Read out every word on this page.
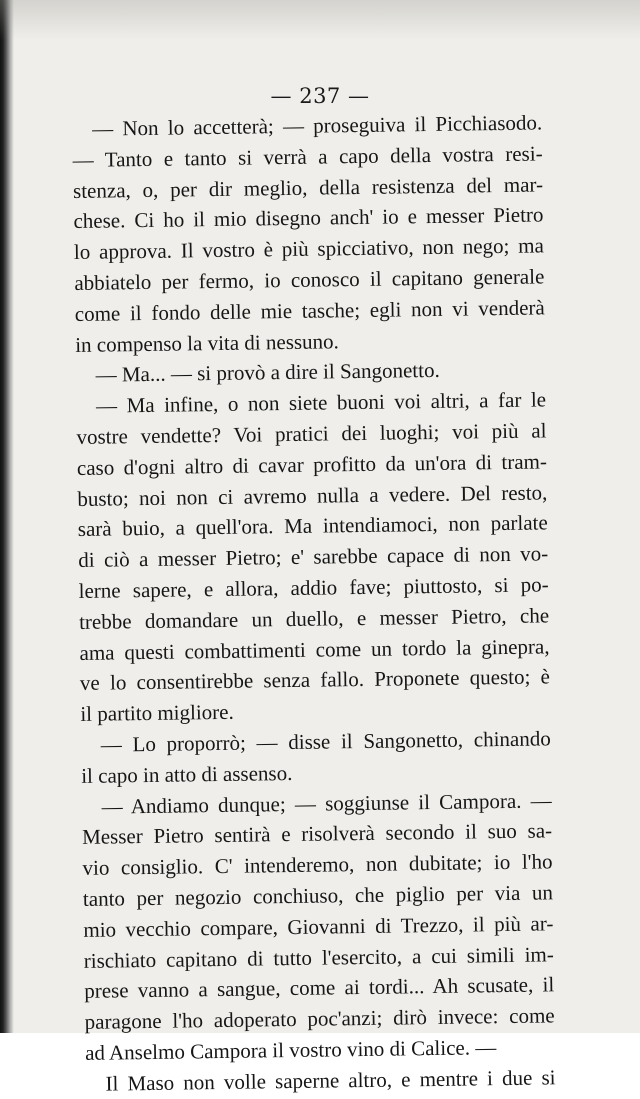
— 237 —
— Non lo accetterà; — proseguiva il Picchiasodo.
— Tanto e tanto si verrà a capo della vostra resi-
stenza, o, per dir meglio, della resistenza del mar-
chese. Ci ho il mio disegno anch' io e messer Pietro
lo approva. Il vostro è più spicciativo, non nego; ma
abbiatelo per fermo, io conosco il capitano generale
come il fondo delle mie tasche; egli non vi venderà
in compenso la vita di nessuno.
— Ma... — si provò a dire il Sangonetto.
— Ma infine, o non siete buoni voi altri, a far le
vostre vendette? Voi pratici dei luoghi; voi più al
caso d'ogni altro di cavar profitto da un'ora di tram-
busto; noi non ci avremo nulla a vedere. Del resto,
sarà buio, a quell'ora. Ma intendiamoci, non parlate
di ciò a messer Pietro; e' sarebbe capace di non vo-
lerne sapere, e allora, addio fave; piuttosto, si po-
trebbe domandare un duello, e messer Pietro, che
ama questi combattimenti come un tordo la ginepra,
ve lo consentirebbe senza fallo. Proponete questo; è
il partito migliore.
— Lo proporrò; — disse il Sangonetto, chinando
il capo in atto di assenso.
— Andiamo dunque; — soggiunse il Campora. —
Messer Pietro sentirà e risolverà secondo il suo sa-
vio consiglio. C' intenderemo, non dubitate; io l'ho
tanto per negozio conchiuso, che piglio per via un
mio vecchio compare, Giovanni di Trezzo, il più ar-
rischiato capitano di tutto l'esercito, a cui simili im-
prese vanno a sangue, come ai tordi... Ah scusate, il
paragone l'ho adoperato poc'anzi; dirò invece: come
ad Anselmo Campora il vostro vino di Calice. —
Il Maso non volle saperne altro, e mentre i due si
